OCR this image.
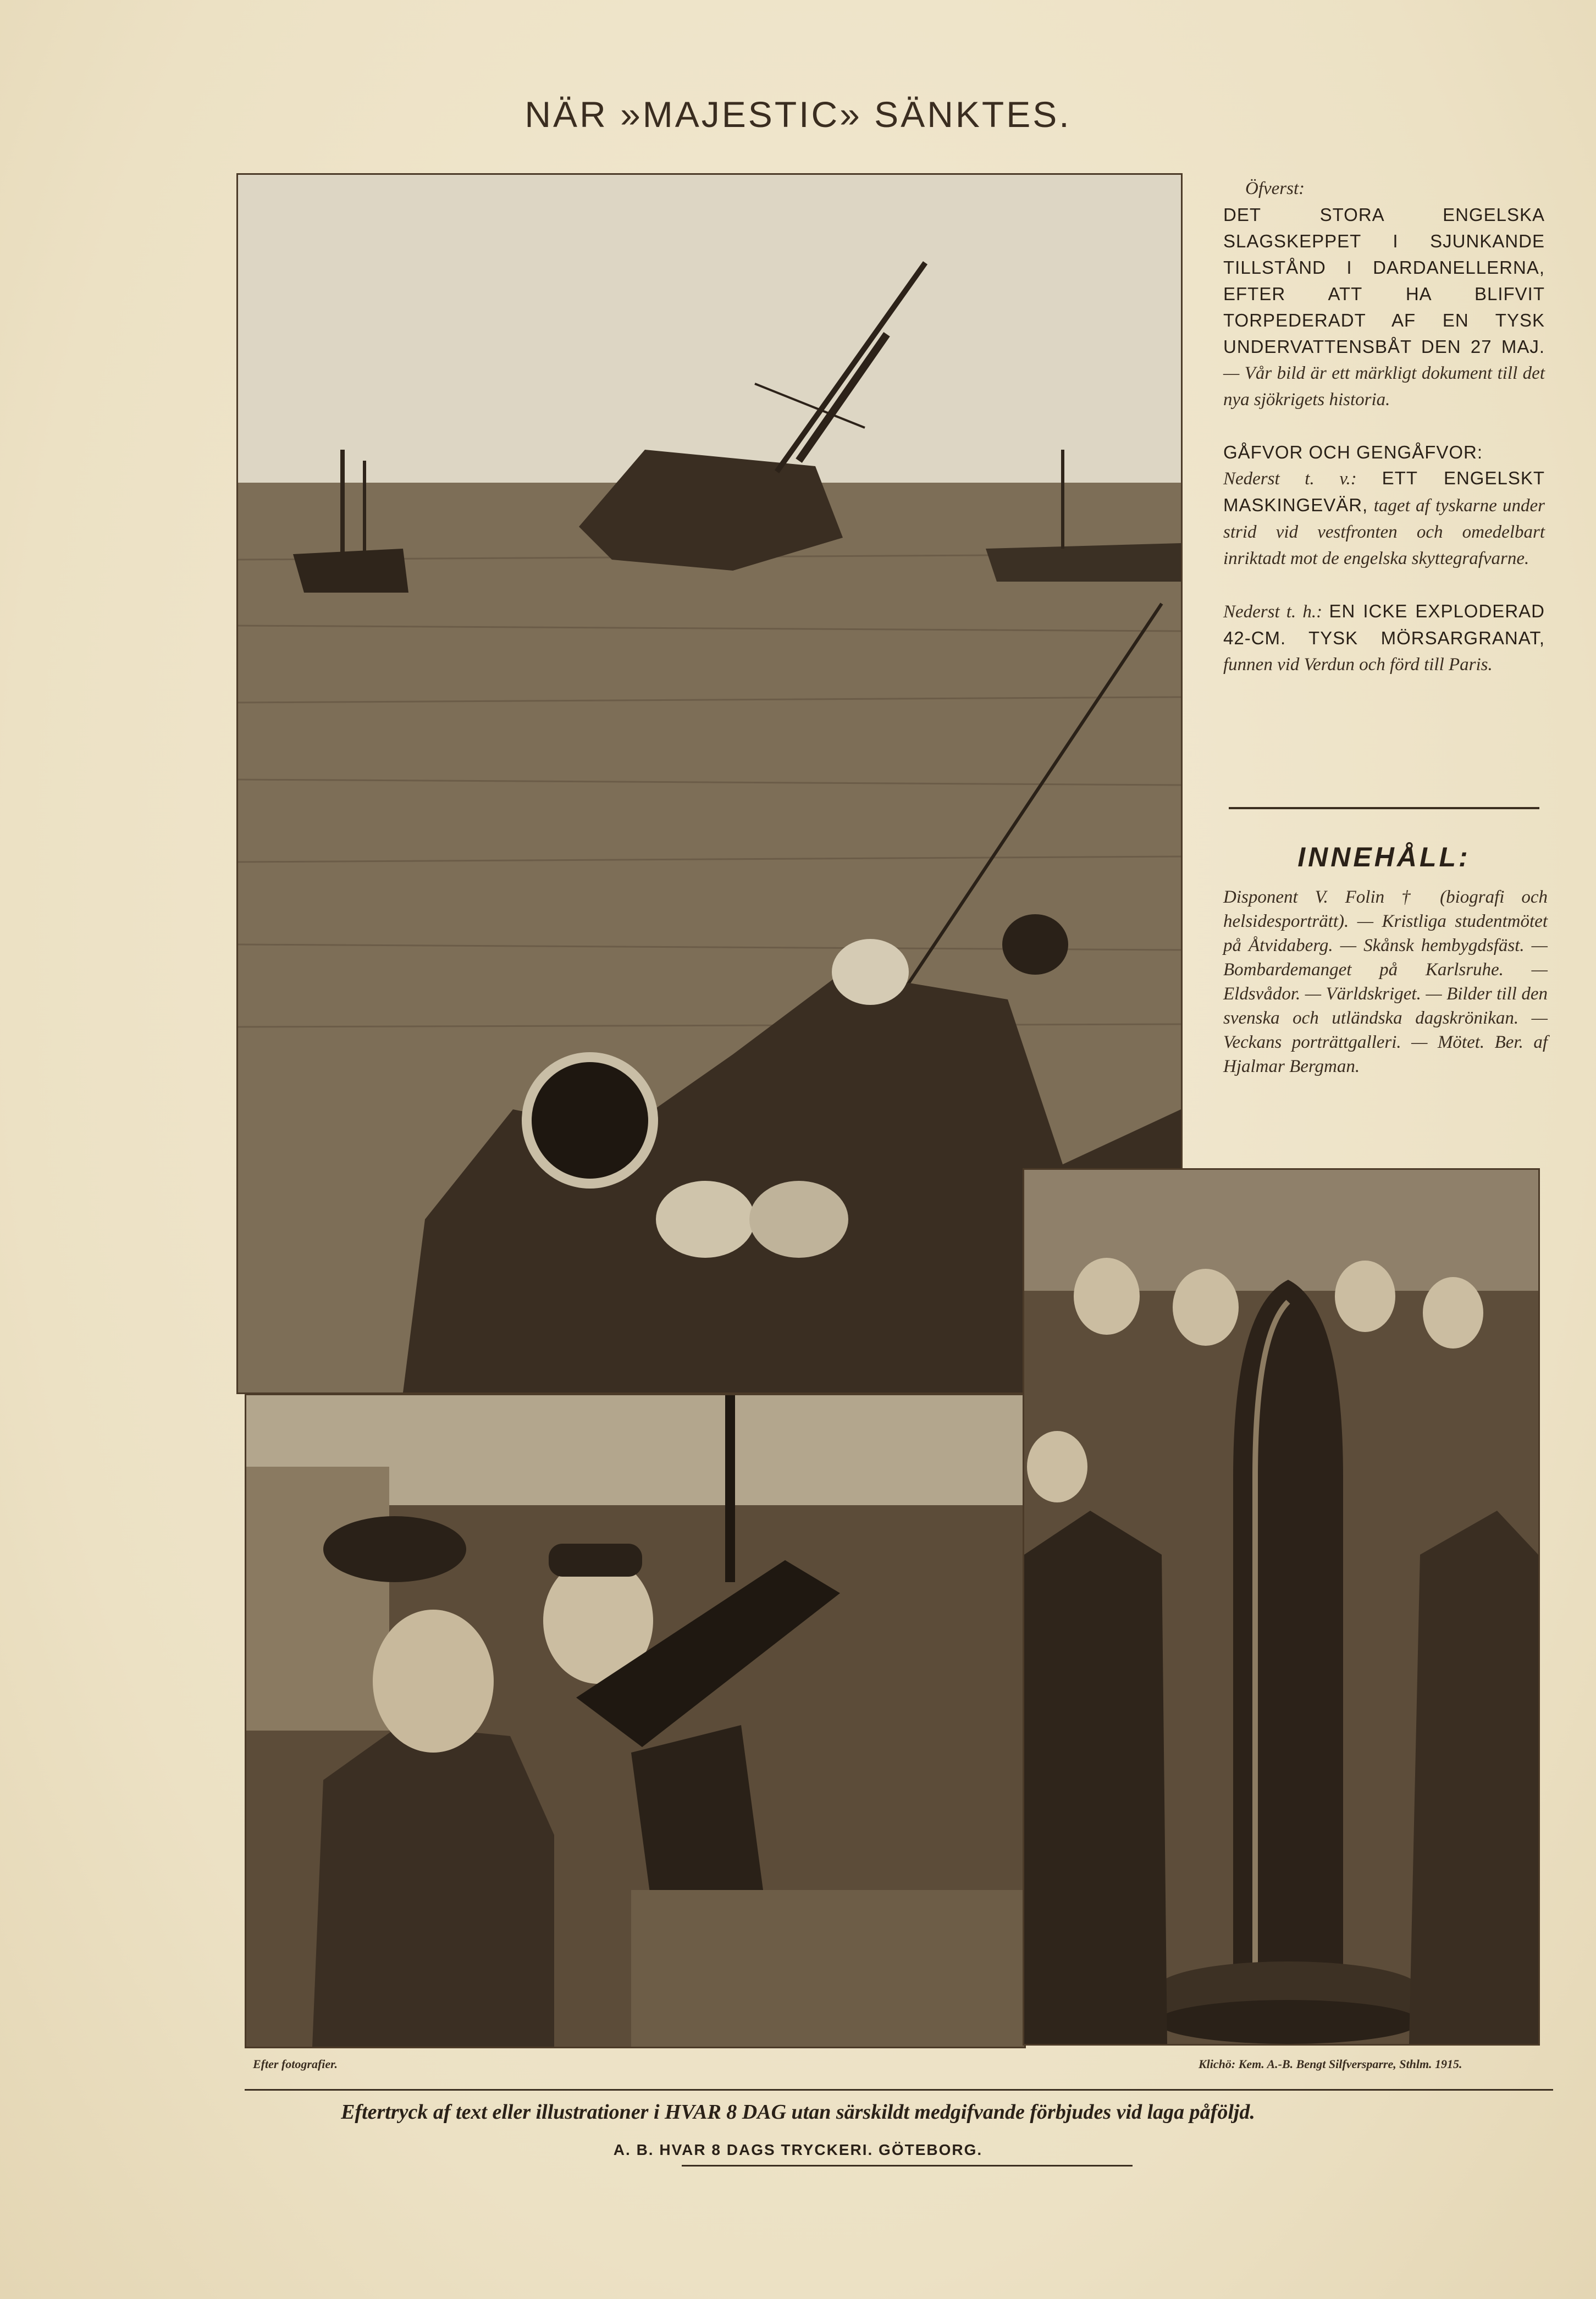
NÄR »MAJESTIC» SÄNKTES.

Öfverst:

DET STORA ENGELSKA SLAGSKEPPET I SJUNKANDE TILLSTÅND I DARDANELLERNA, EFTER ATT HA BLIFVIT TORPEDERADT AF EN TYSK UNDERVATTENSBÅT DEN 27 MAJ. — Vår bild är ett märkligt dokument till det nya sjökrigets historia.

GÅFVOR OCH GENGÅFVOR:

Nederst t. v.: ETT ENGELSKT MASKINGEVÄR, taget af tyskarne under strid vid vestfronten och omedelbart inriktadt mot de engelska skyttegrafvarne.

Nederst t. h.: EN ICKE EXPLODERAD 42-CM. TYSK MÖRSARGRANAT, funnen vid Verdun och förd till Paris.

INNEHÅLL:
Disponent V. Folin † (biografi och helsidesporträtt). — Kristliga studentmötet på Åtvidaberg. — Skånsk hembygdsfäst. — Bombardemanget på Karlsruhe. — Eldsvådor. — Världskriget. — Bilder till den svenska och utländska dagskrönikan. — Veckans porträttgalleri. — Mötet. Ber. af Hjalmar Bergman.
Efter fotografier.	Klichö: Kem. A.-B. Bengt Silfversparre, Sthlm. 1915.
Eftertryck af text eller illustrationer i HVAR 8 DAG utan särskildt medgifvande förbjudes vid laga påföljd.
A. B. HVAR 8 DAGS TRYCKERI. GÖTEBORG.
